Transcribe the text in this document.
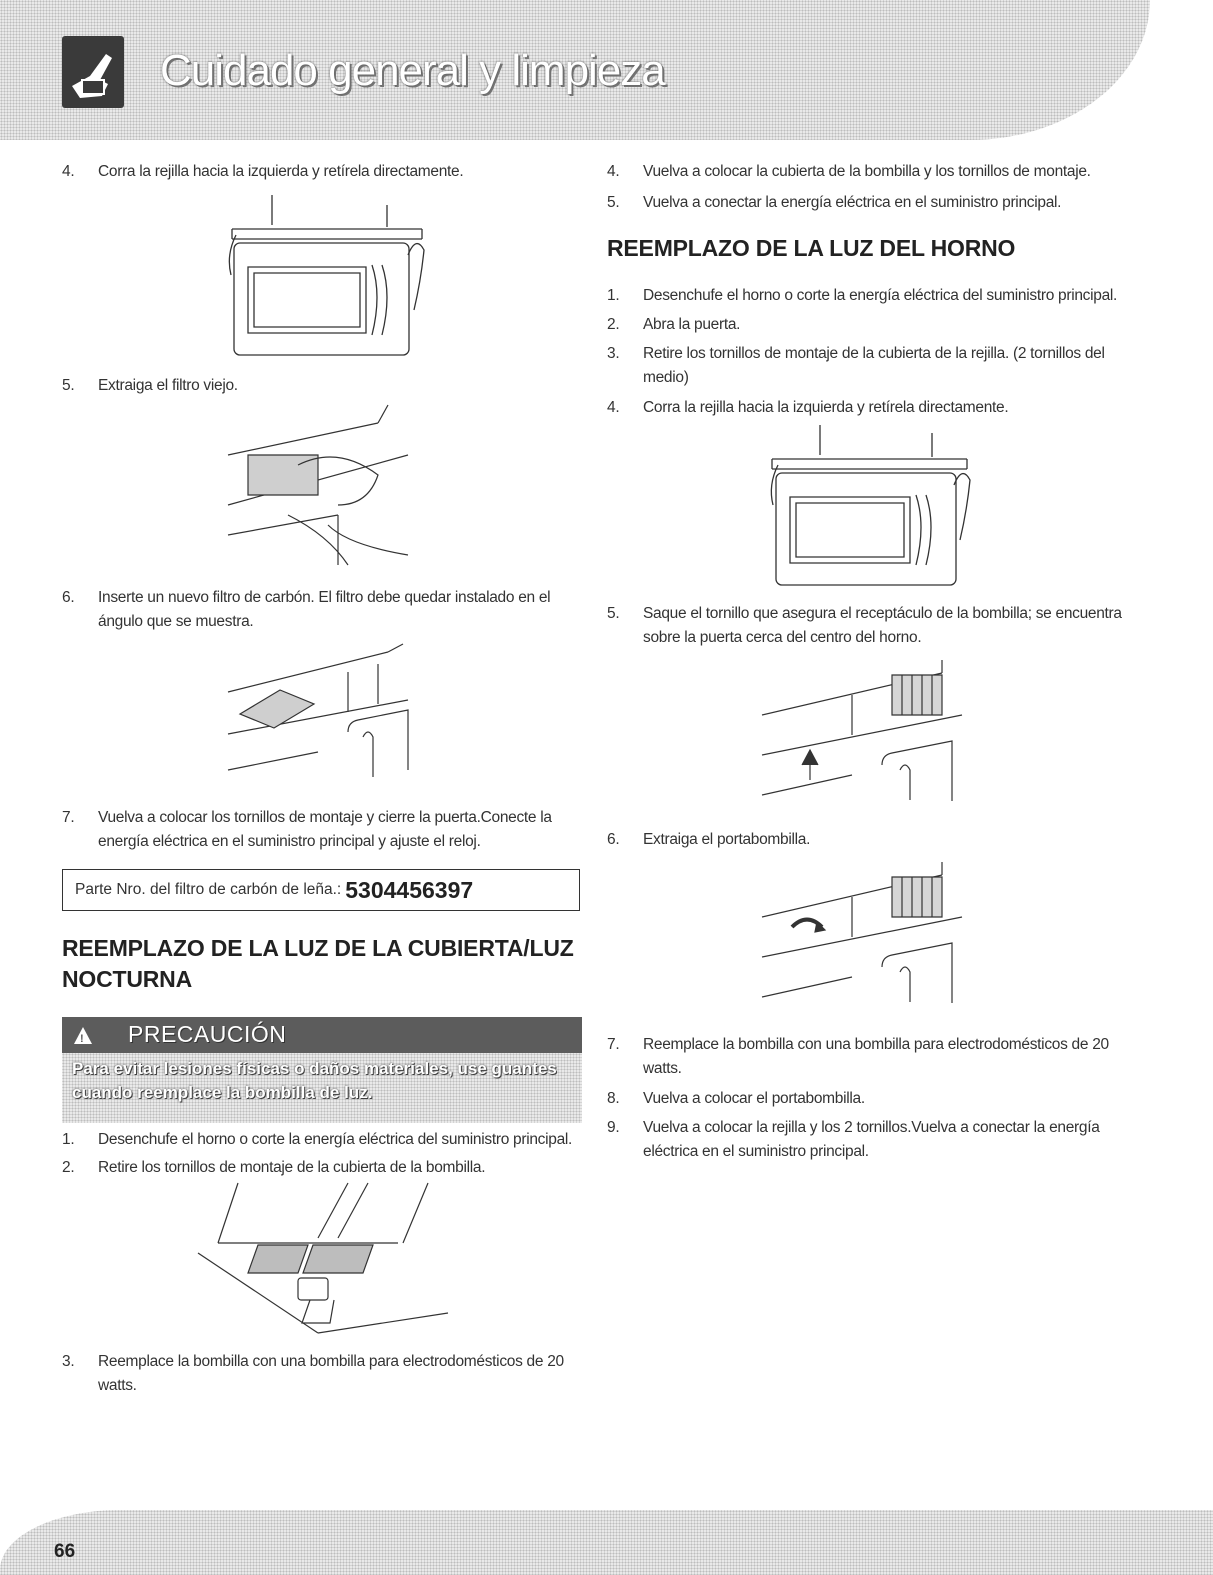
Cuidado general y limpieza
4.	Corra la rejilla hacia la izquierda y retírela directamente.
5.	Extraiga el filtro viejo.
6.	Inserte un nuevo filtro de carbón. El filtro debe quedar instalado en el ángulo que se muestra.
7.	Vuelva a colocar los tornillos de montaje y cierre la puerta.Conecte la energía eléctrica en el suministro principal y ajuste el reloj.
Parte Nro. del filtro de carbón de leña.: 5304456397
REEMPLAZO DE LA LUZ DE LA CUBIERTA/LUZ NOCTURNA
! PRECAUCIÓN
Para evitar lesiones físicas o daños materiales, use guantes cuando reemplace la bombilla de luz.
1.	Desenchufe el horno o corte la energía eléctrica del suministro principal.
2.	Retire los tornillos de montaje de la cubierta de la bombilla.
3.	Reemplace la bombilla con una bombilla para electrodomésticos de 20 watts.
4.	Vuelva a colocar la cubierta de la bombilla y los tornillos de montaje.
5.	Vuelva a conectar la energía eléctrica en el suministro principal.
REEMPLAZO DE LA LUZ DEL HORNO
1.	Desenchufe el horno o corte la energía eléctrica del suministro principal.
2.	Abra la puerta.
3.	Retire los tornillos de montaje de la cubierta de la rejilla. (2 tornillos del medio)
4.	Corra la rejilla hacia la izquierda y retírela directamente.
5.	Saque el tornillo que asegura el receptáculo de la bombilla; se encuentra sobre la puerta cerca del centro del horno.
6.	Extraiga el portabombilla.
7.	Reemplace la bombilla con una bombilla para electrodomésticos de 20 watts.
8.	Vuelva a colocar el portabombilla.
9.	Vuelva a colocar la rejilla y los 2 tornillos.Vuelva a conectar la energía eléctrica en el suministro principal.
66
